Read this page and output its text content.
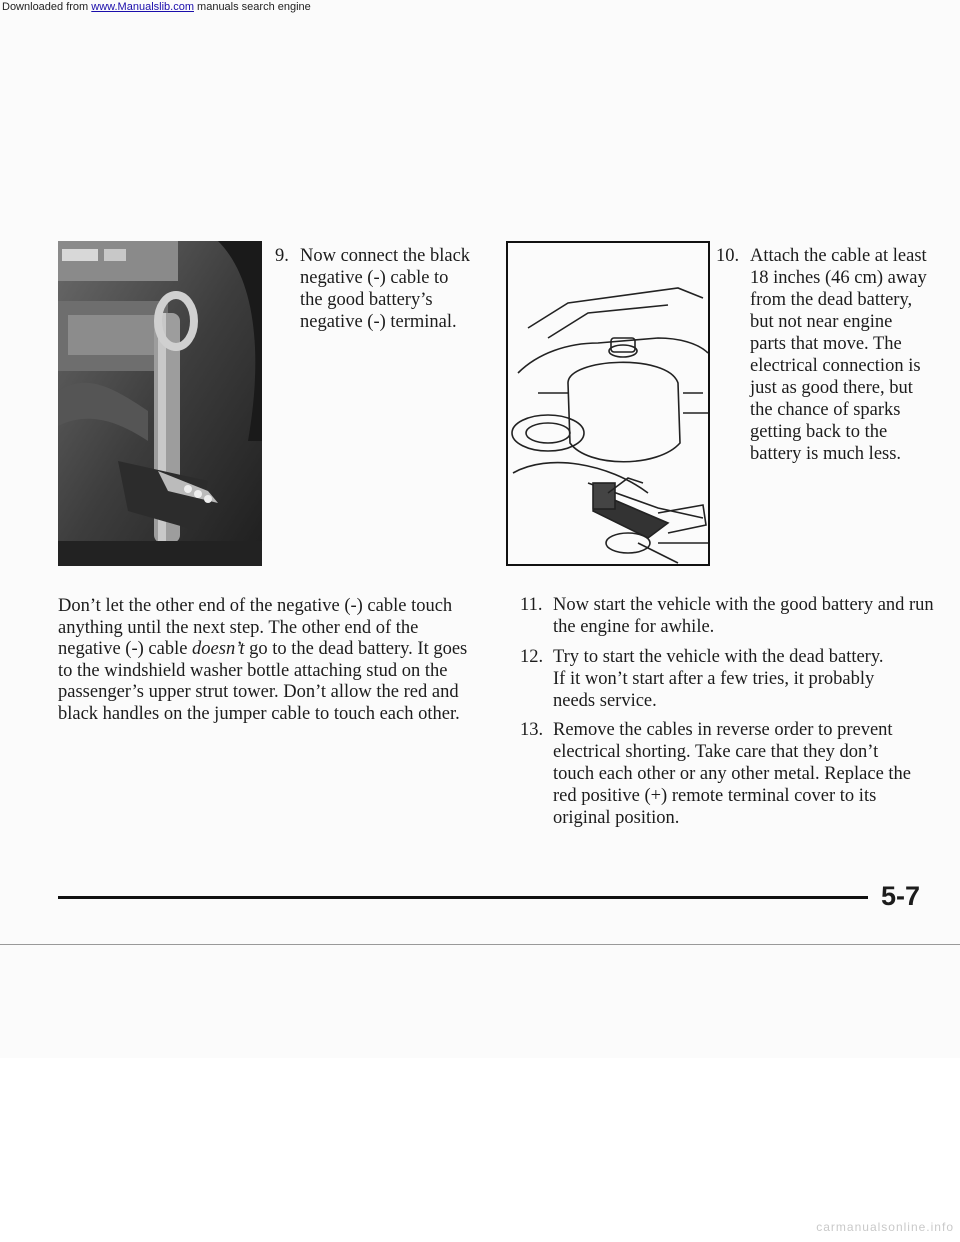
Downloaded from www.Manualslib.com manuals search engine
9. Now connect the black
negative (-) cable to
the good battery’s
negative (-) terminal.
Don’t let the other end of the negative (-) cable touch
anything until the next step. The other end of the
negative (-) cable doesn’t go to the dead battery. It goes
to the windshield washer bottle attaching stud on the
passenger’s upper strut tower. Don’t allow the red and
black handles on the jumper cable to touch each other.
10. Attach the cable at least
18 inches (46 cm) away
from the dead battery,
but not near engine
parts that move. The
electrical connection is
just as good there, but
the chance of sparks
getting back to the
battery is much less.
11. Now start the vehicle with the good battery and run
the engine for awhile.
12. Try to start the vehicle with the dead battery.
If it won’t start after a few tries, it probably
needs service.
13. Remove the cables in reverse order to prevent
electrical shorting. Take care that they don’t
touch each other or any other metal. Replace the
red positive (+) remote terminal cover to its
original position.
5-7
carmanualsonline.info
